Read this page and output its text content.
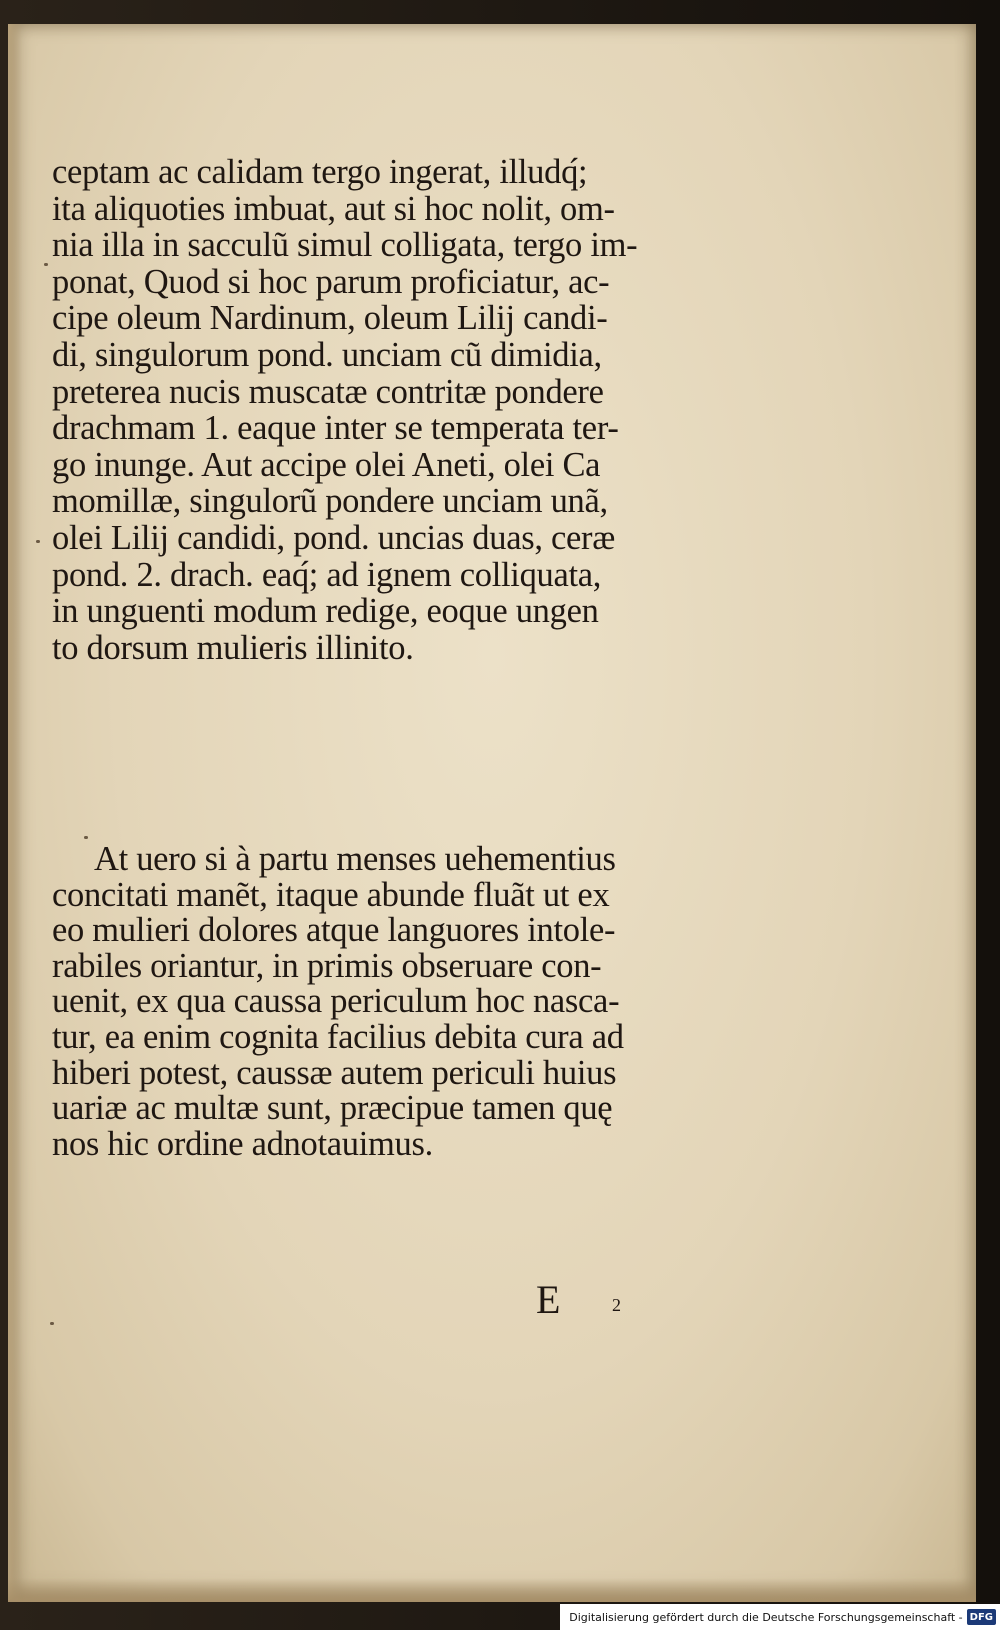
ceptam ac calidam tergo ingerat, illudq́;
ita aliquoties imbuat, aut si hoc nolit, om-
nia illa in sacculũ simul colligata, tergo im-
ponat, Quod si hoc parum proficiatur, ac-
cipe oleum Nardinum, oleum Lilij candi-
di, singulorum pond. unciam cũ dimidia,
preterea nucis muscatæ contritæ pondere
drachmam 1. eaque inter se temperata ter-
go inunge. Aut accipe olei Aneti, olei Ca
momillæ, singulorũ pondere unciam unã,
olei Lilij candidi, pond. uncias duas, ceræ
pond. 2. drach. eaq́; ad ignem colliquata,
in unguenti modum redige, eoque ungen
to dorsum mulieris illinito.
At uero si à partu menses uehementius
concitati manẽt, itaque abunde fluãt ut ex
eo mulieri dolores atque languores intole-
rabiles oriantur, in primis obseruare con-
uenit, ex qua caussa periculum hoc nasca-
tur, ea enim cognita facilius debita cura ad
hiberi potest, caussæ autem periculi huius
uariæ ac multæ sunt, præcipue tamen quę
nos hic ordine adnotauimus.
E	2
Digitalisierung gefördert durch die Deutsche Forschungsgemeinschaft - DFG
